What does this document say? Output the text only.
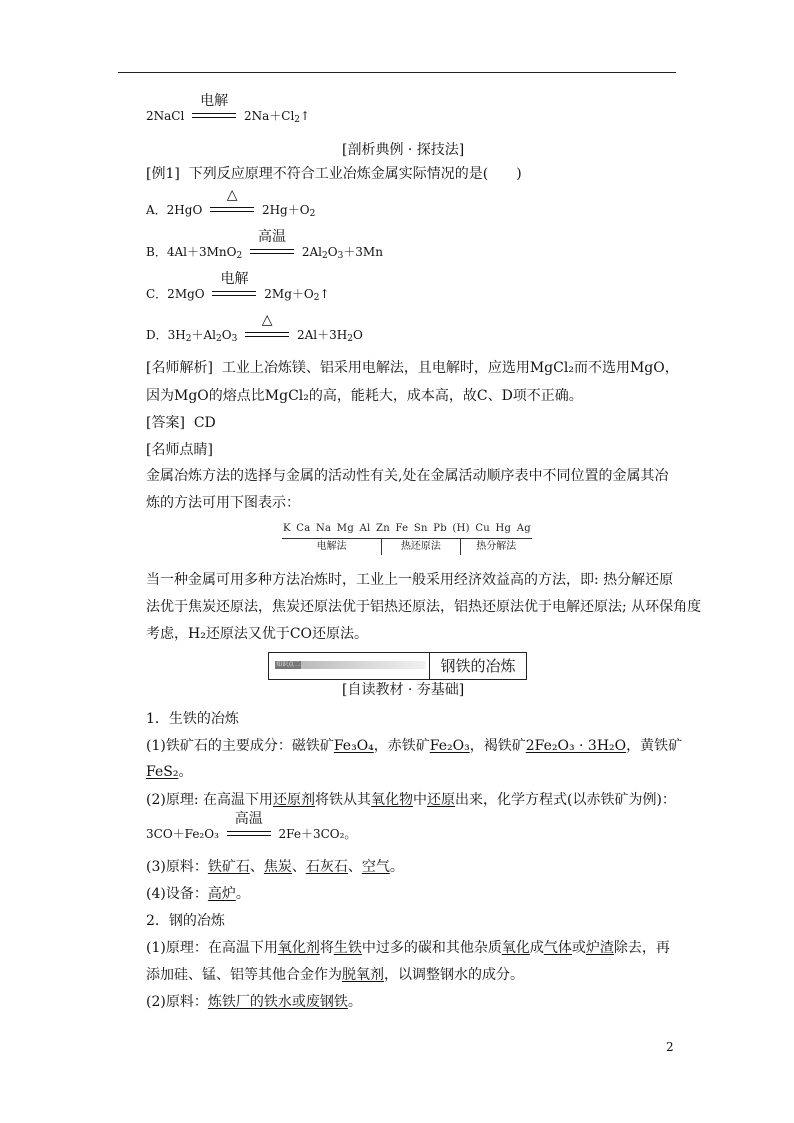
2NaCl
电解
$2Na+Cl_2↑$
[剖析典例 · 探技法]
[例1] 下列反应原理不符合工业冶炼金属实际情况的是(　　)
A．2HgO
△
$2Hg+O_2$
B．4Al＋3MnO$_2$
高温
$2Al_2O_3+3Mn$
C．2MgO
电解
$2Mg+O_2↑$
D．$3H_2+Al_2O_3$
△
$2Al+3H_2O$
[名师解析] 工业上冶炼镁、铝采用电解法，且电解时，应选用MgCl₂而不选用MgO，
因为MgO的熔点比MgCl₂的高，能耗大，成本高，故C、D项不正确。
[答案] CD
[名师点睛]
金属冶炼方法的选择与金属的活动性有关,处在金属活动顺序表中不同位置的金属其冶
炼的方法可用下图表示：
K Ca Na Mg Al Zn Fe Sn Pb (H) Cu Hg Ag
电解法	热还原法	热分解法
当一种金属可用多种方法冶炼时，工业上一般采用经济效益高的方法，即: 热分解还原
法优于焦炭还原法，焦炭还原法优于铝热还原法，铝热还原法优于电解还原法; 从环保角度
考虑，H₂还原法又优于CO还原法。
知识点二	钢铁的冶炼
[自读教材 · 夯基础]
1．生铁的冶炼
(1)铁矿石的主要成分：磁铁矿Fe₃O₄，赤铁矿Fe₂O₃，褐铁矿2Fe₂O₃ · 3H₂O，黄铁矿
FeS₂。
(2)原理: 在高温下用还原剂将铁从其氧化物中还原出来，化学方程式(以赤铁矿为例)：
3CO＋Fe₂O₃
高温
2Fe＋3CO₂。
(3)原料：铁矿石、焦炭、石灰石、空气。
(4)设备：高炉。
2．钢的冶炼
(1)原理：在高温下用氧化剂将生铁中过多的碳和其他杂质氧化成气体或炉渣除去，再
添加硅、锰、铝等其他合金作为脱氧剂，以调整钢水的成分。
(2)原料：炼铁厂的铁水或废钢铁。
2
